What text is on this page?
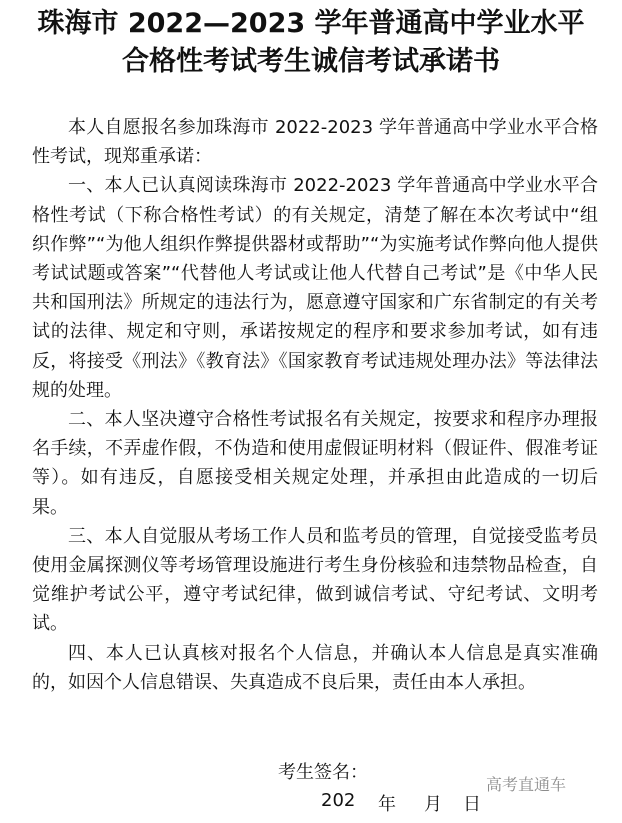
珠海市 2022—2023 学年普通高中学业水平
合格性考试考生诚信考试承诺书

本人自愿报名参加珠海市 2022-2023 学年普通高中学业水平合格性考试，现郑重承诺：

一、本人已认真阅读珠海市 2022-2023 学年普通高中学业水平合格性考试（下称合格性考试）的有关规定，清楚了解在本次考试中“组织作弊”“为他人组织作弊提供器材或帮助”“为实施考试作弊向他人提供考试试题或答案”“代替他人考试或让他人代替自己考试”是《中华人民共和国刑法》所规定的违法行为，愿意遵守国家和广东省制定的有关考试的法律、规定和守则，承诺按规定的程序和要求参加考试，如有违反，将接受《刑法》《教育法》《国家教育考试违规处理办法》等法律法规的处理。

二、本人坚决遵守合格性考试报名有关规定，按要求和程序办理报名手续，不弄虚作假，不伪造和使用虚假证明材料（假证件、假准考证等）。如有违反，自愿接受相关规定处理，并承担由此造成的一切后果。

三、本人自觉服从考场工作人员和监考员的管理，自觉接受监考员使用金属探测仪等考场管理设施进行考生身份核验和违禁物品检查，自觉维护考试公平，遵守考试纪律，做到诚信考试、守纪考试、文明考试。

四、本人已认真核对报名个人信息，并确认本人信息是真实准确的，如因个人信息错误、失真造成不良后果，责任由本人承担。

考生签名：
202 年 月 日
高考直通车
